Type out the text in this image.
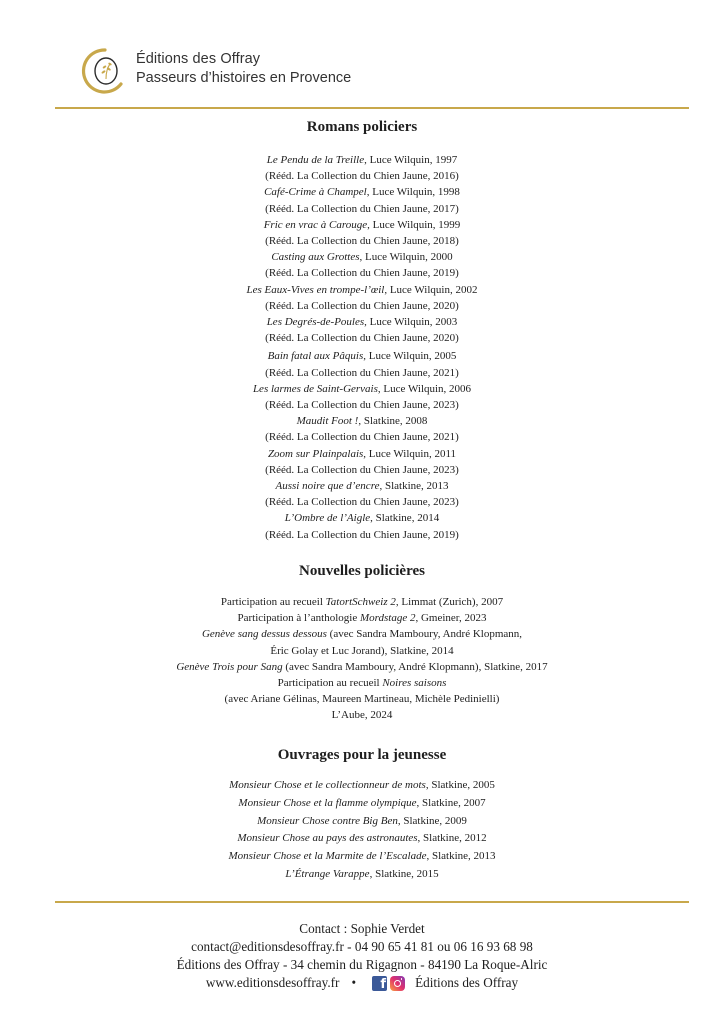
Éditions des Offray
Passeurs d’histoires en Provence
Romans policiers
Le Pendu de la Treille, Luce Wilquin, 1997
(Rééd. La Collection du Chien Jaune, 2016)
Café-Crime à Champel, Luce Wilquin, 1998
(Rééd. La Collection du Chien Jaune, 2017)
Fric en vrac à Carouge, Luce Wilquin, 1999
(Rééd. La Collection du Chien Jaune, 2018)
Casting aux Grottes, Luce Wilquin, 2000
(Rééd. La Collection du Chien Jaune, 2019)
Les Eaux-Vives en trompe-l’œil, Luce Wilquin, 2002
(Rééd. La Collection du Chien Jaune, 2020)
Les Degrés-de-Poules, Luce Wilquin, 2003
(Rééd. La Collection du Chien Jaune, 2020)
Bain fatal aux Pâquis, Luce Wilquin, 2005
(Rééd. La Collection du Chien Jaune, 2021)
Les larmes de Saint-Gervais, Luce Wilquin, 2006
(Rééd. La Collection du Chien Jaune, 2023)
Maudit Foot !, Slatkine, 2008
(Rééd. La Collection du Chien Jaune, 2021)
Zoom sur Plainpalais, Luce Wilquin, 2011
(Rééd. La Collection du Chien Jaune, 2023)
Aussi noire que d’encre, Slatkine, 2013
(Rééd. La Collection du Chien Jaune, 2023)
L’Ombre de l’Aigle, Slatkine, 2014
(Rééd. La Collection du Chien Jaune, 2019)
Nouvelles policières
Participation au recueil TatortSchweiz 2, Limmat (Zurich), 2007
Participation à l’anthologie Mordstage 2, Gmeiner, 2023
Genève sang dessus dessous (avec Sandra Mamboury, André Klopmann,
Éric Golay et Luc Jorand), Slatkine, 2014
Genève Trois pour Sang (avec Sandra Mamboury, André Klopmann), Slatkine, 2017
Participation au recueil Noires saisons
(avec Ariane Gélinas, Maureen Martineau, Michèle Pedinielli)
L’Aube, 2024
Ouvrages pour la jeunesse
Monsieur Chose et le collectionneur de mots, Slatkine, 2005
Monsieur Chose et la flamme olympique, Slatkine, 2007
Monsieur Chose contre Big Ben, Slatkine, 2009
Monsieur Chose au pays des astronautes, Slatkine, 2012
Monsieur Chose et la Marmite de l’Escalade, Slatkine, 2013
L’Étrange Varappe, Slatkine, 2015
Contact : Sophie Verdet
contact@editionsdesoffray.fr - 04 90 65 41 81 ou 06 16 93 68 98
Éditions des Offray - 34 chemin du Rigagnon - 84190 La Roque-Alric
www.editionsdesoffray.fr •	f Éditions des Offray
